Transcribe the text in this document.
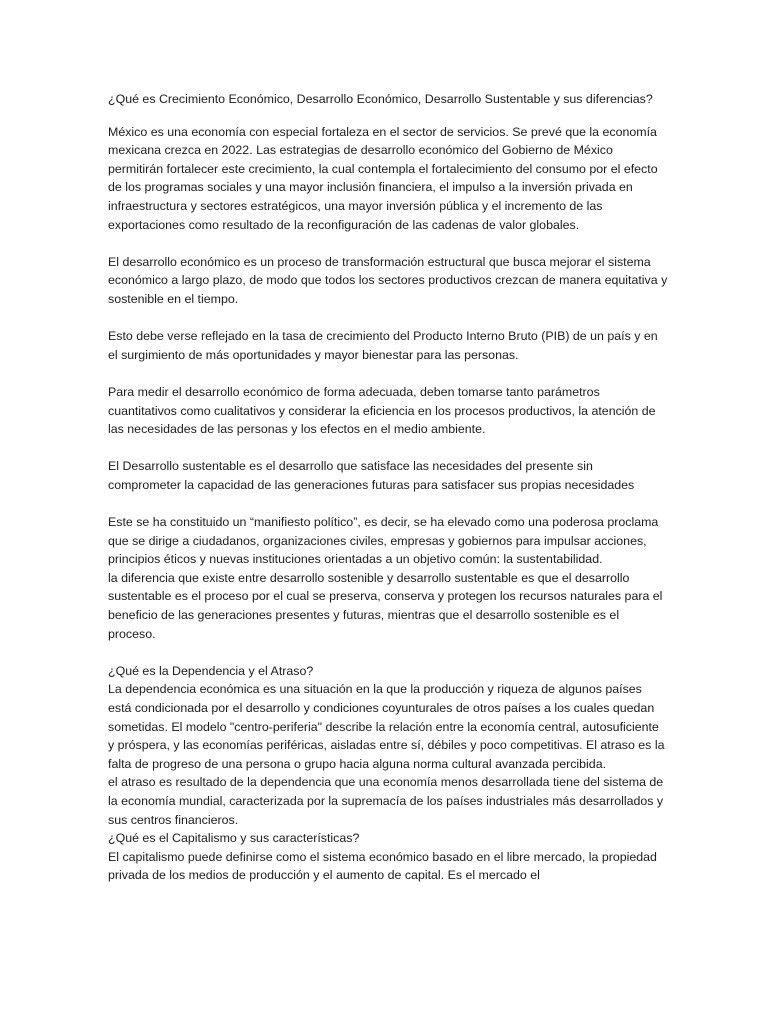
¿Qué es Crecimiento Económico, Desarrollo Económico, Desarrollo Sustentable y sus diferencias?

México es una economía con especial fortaleza en el sector de servicios. Se prevé que la economía mexicana crezca en 2022. Las estrategias de desarrollo económico del Gobierno de México permitirán fortalecer este crecimiento, la cual contempla el fortalecimiento del consumo por el efecto de los programas sociales y una mayor inclusión financiera, el impulso a la inversión privada en infraestructura y sectores estratégicos, una mayor inversión pública y el incremento de las exportaciones como resultado de la reconfiguración de las cadenas de valor globales.

El desarrollo económico es un proceso de transformación estructural que busca mejorar el sistema económico a largo plazo, de modo que todos los sectores productivos crezcan de manera equitativa y sostenible en el tiempo.

Esto debe verse reflejado en la tasa de crecimiento del Producto Interno Bruto (PIB) de un país y en el surgimiento de más oportunidades y mayor bienestar para las personas.

Para medir el desarrollo económico de forma adecuada, deben tomarse tanto parámetros cuantitativos como cualitativos y considerar la eficiencia en los procesos productivos, la atención de las necesidades de las personas y los efectos en el medio ambiente.

El Desarrollo sustentable es el desarrollo que satisface las necesidades del presente sin comprometer la capacidad de las generaciones futuras para satisfacer sus propias necesidades

Este se ha constituido un “manifiesto político”, es decir, se ha elevado como una poderosa proclama que se dirige a ciudadanos, organizaciones civiles, empresas y gobiernos para impulsar acciones, principios éticos y nuevas instituciones orientadas a un objetivo común: la sustentabilidad.

la diferencia que existe entre desarrollo sostenible y desarrollo sustentable es que el desarrollo sustentable es el proceso por el cual se preserva, conserva y protegen los recursos naturales para el beneficio de las generaciones presentes y futuras, mientras que el desarrollo sostenible es el proceso.

¿Qué es la Dependencia y el Atraso?

La dependencia económica es una situación en la que la producción y riqueza de algunos países está condicionada por el desarrollo y condiciones coyunturales de otros países a los cuales quedan sometidas. El modelo "centro-periferia" describe la relación entre la economía central, autosuficiente y próspera, y las economías periféricas, aisladas entre sí, débiles y poco competitivas. El atraso es la falta de progreso de una persona o grupo hacia alguna norma cultural avanzada percibida.

el atraso es resultado de la dependencia que una economía menos desarrollada tiene del sistema de la economía mundial, caracterizada por la supremacía de los países industriales más desarrollados y sus centros financieros.

¿Qué es el Capitalismo y sus características?

El capitalismo puede definirse como el sistema económico basado en el libre mercado, la propiedad privada de los medios de producción y el aumento de capital. Es el mercado el
